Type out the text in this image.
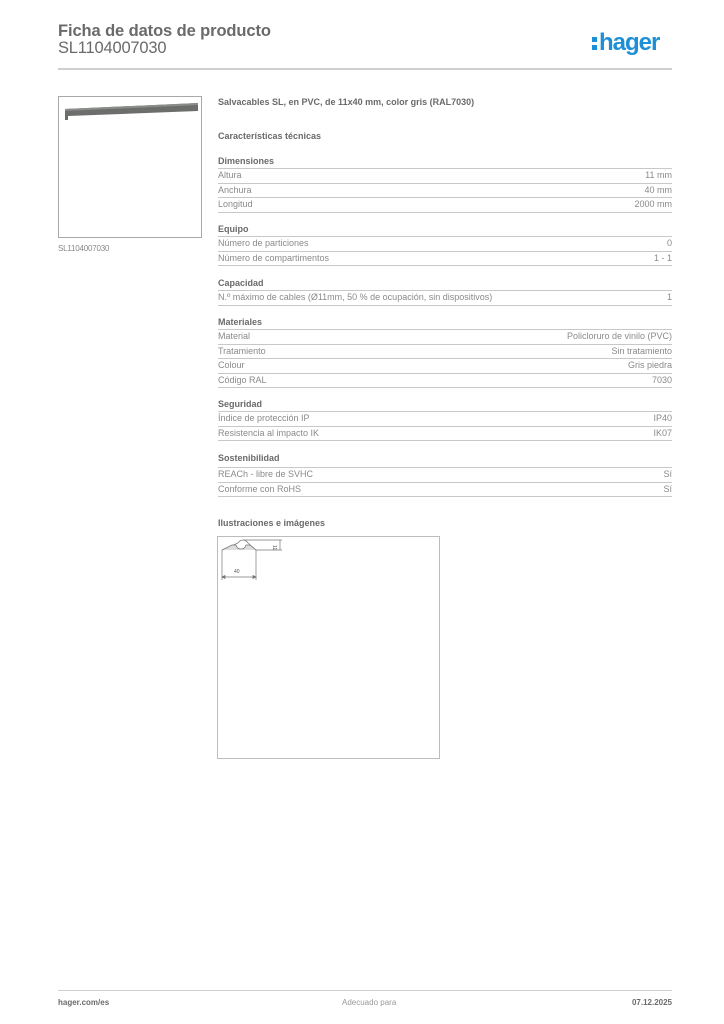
Ficha de datos de producto
SL1104007030	hager
SL1104007030
Salvacables SL, en PVC, de 11x40 mm, color gris (RAL7030)
Características técnicas
Dimensiones
Altura	11 mm
Anchura	40 mm
Longitud	2000 mm
Equipo
Número de particiones	0
Número de compartimentos	1 - 1
Capacidad
N.º máximo de cables (Ø11mm, 50 % de ocupación, sin dispositivos)	1
Materiales
Material	Policloruro de vinilo (PVC)
Tratamiento	Sin tratamiento
Colour	Gris piedra
Código RAL	7030
Seguridad
Índice de protección IP	IP40
Resistencia al impacto IK	IK07
Sostenibilidad
REACh - libre de SVHC	Sí
Conforme con RoHS	Sí
Ilustraciones e imágenes
40
11
hager.com/es	Adecuado para	07.12.2025
